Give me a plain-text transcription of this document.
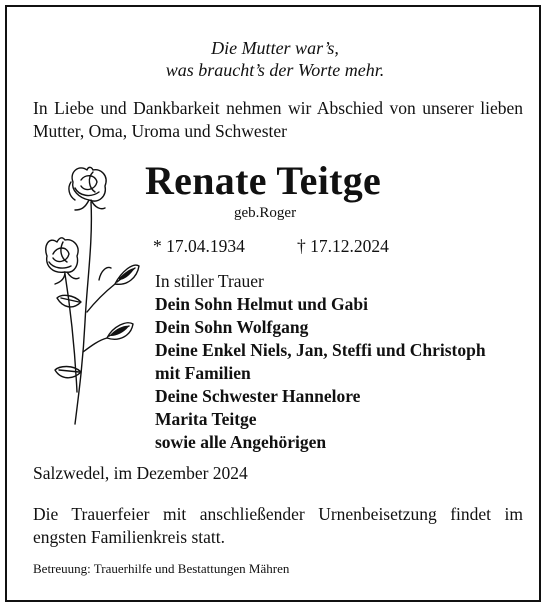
Die Mutter war’s,
was braucht’s der Worte mehr.
In Liebe und Dankbarkeit nehmen wir Abschied von unserer lieben Mutter, Oma, Uroma und Schwester
Renate Teitge
geb.Roger
* 17.04.1934	† 17.12.2024
In stiller Trauer
Dein Sohn Helmut und Gabi
Dein Sohn Wolfgang
Deine Enkel Niels, Jan, Steffi und Christoph
mit Familien
Deine Schwester Hannelore
Marita Teitge
sowie alle Angehörigen
Salzwedel, im Dezember 2024
Die Trauerfeier mit anschließender Urnenbeisetzung findet im engsten Familienkreis statt.
Betreuung: Trauerhilfe und Bestattungen Mähren
